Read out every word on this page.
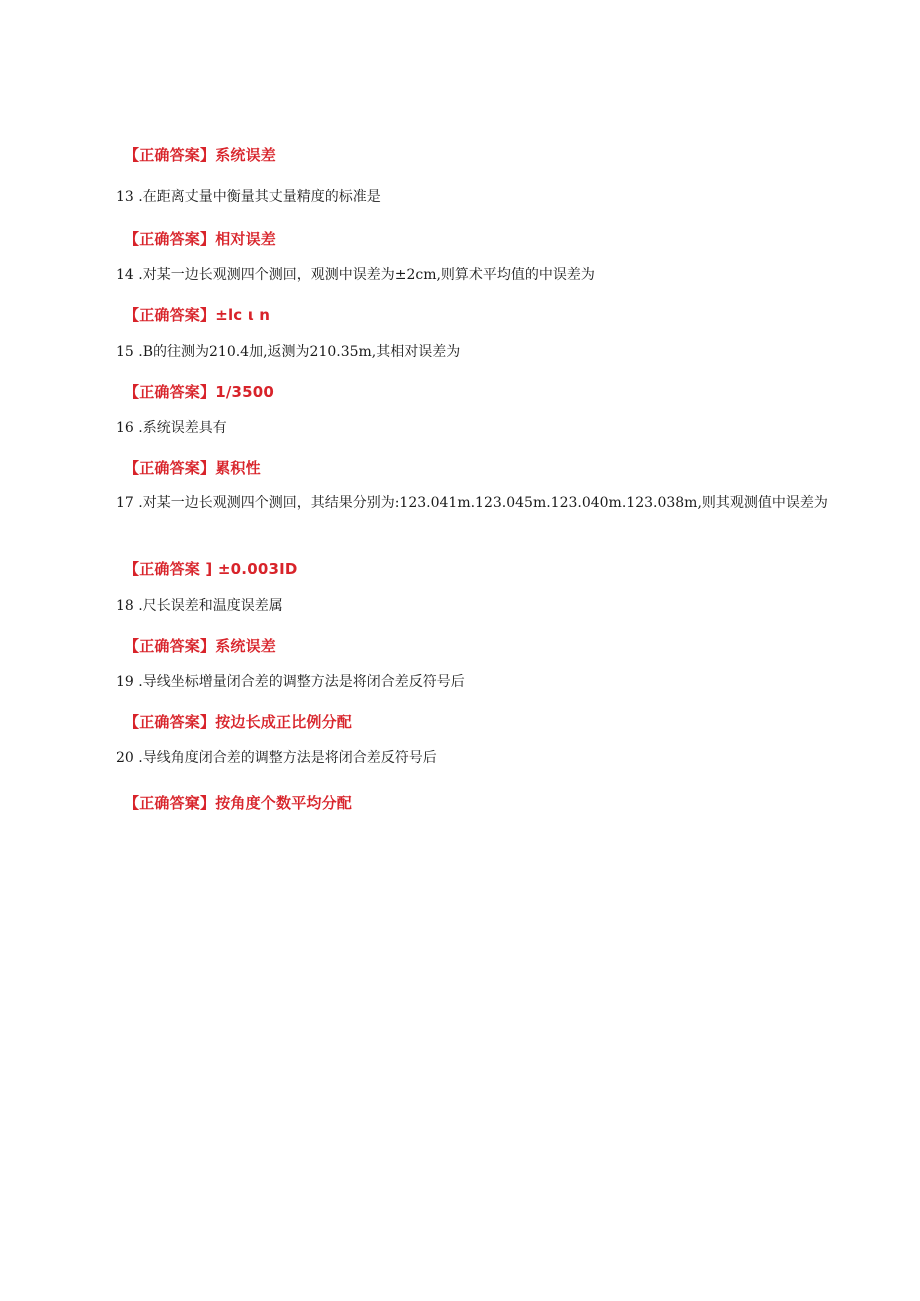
【正确答案】系统误差
13 .在距离丈量中衡量其丈量精度的标准是
【正确答案】相对误差
14 .对某一边长观测四个测回，观测中误差为±2cm,则算术平均值的中误差为
【正确答案】±lc ι n
15 .B的往测为210.4加,返测为210.35m,其相对误差为
【正确答案】1/3500
16 .系统误差具有
【正确答案】累积性
17 .对某一边长观测四个测回，其结果分别为:123.041m.123.045m.123.040m.123.038m,则其观测值中误差为
【正确答案 ] ±0.003ID
18 .尺长误差和温度误差属
【正确答案】系统误差
19 .导线坐标增量闭合差的调整方法是将闭合差反符号后
【正确答案】按边长成正比例分配
20 .导线角度闭合差的调整方法是将闭合差反符号后
【正确答窠】按角度个数平均分配
